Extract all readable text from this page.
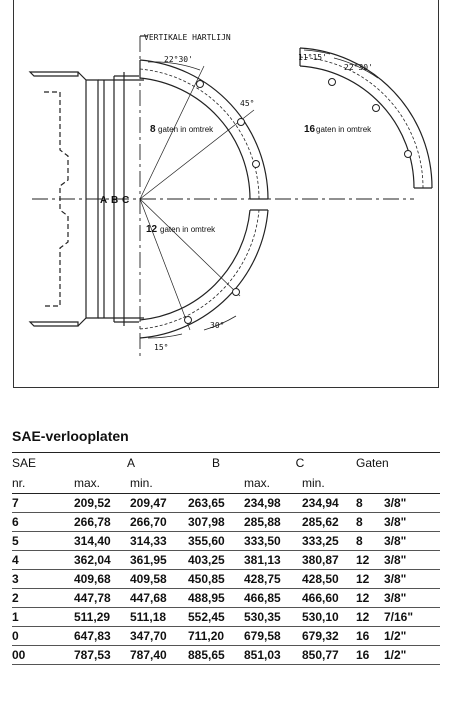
VERTIKALE HARTLIJN
22°30'
45°
11°15'
22°30'
30°
15°
8 gaten in omtrek	16 gaten in omtrek
12 gaten in omtrek
A B C
SAE-verlooplaten
SAE	A		B	C		Gaten	
nr.	max.	min.		max.	min.		
7	209,52	209,47	263,65	234,98	234,94	8	3/8"
6	266,78	266,70	307,98	285,88	285,62	8	3/8"
5	314,40	314,33	355,60	333,50	333,25	8	3/8"
4	362,04	361,95	403,25	381,13	380,87	12	3/8"
3	409,68	409,58	450,85	428,75	428,50	12	3/8"
2	447,78	447,68	488,95	466,85	466,60	12	3/8"
1	511,29	511,18	552,45	530,35	530,10	12	7/16"
0	647,83	347,70	711,20	679,58	679,32	16	1/2"
00	787,53	787,40	885,65	851,03	850,77	16	1/2"
